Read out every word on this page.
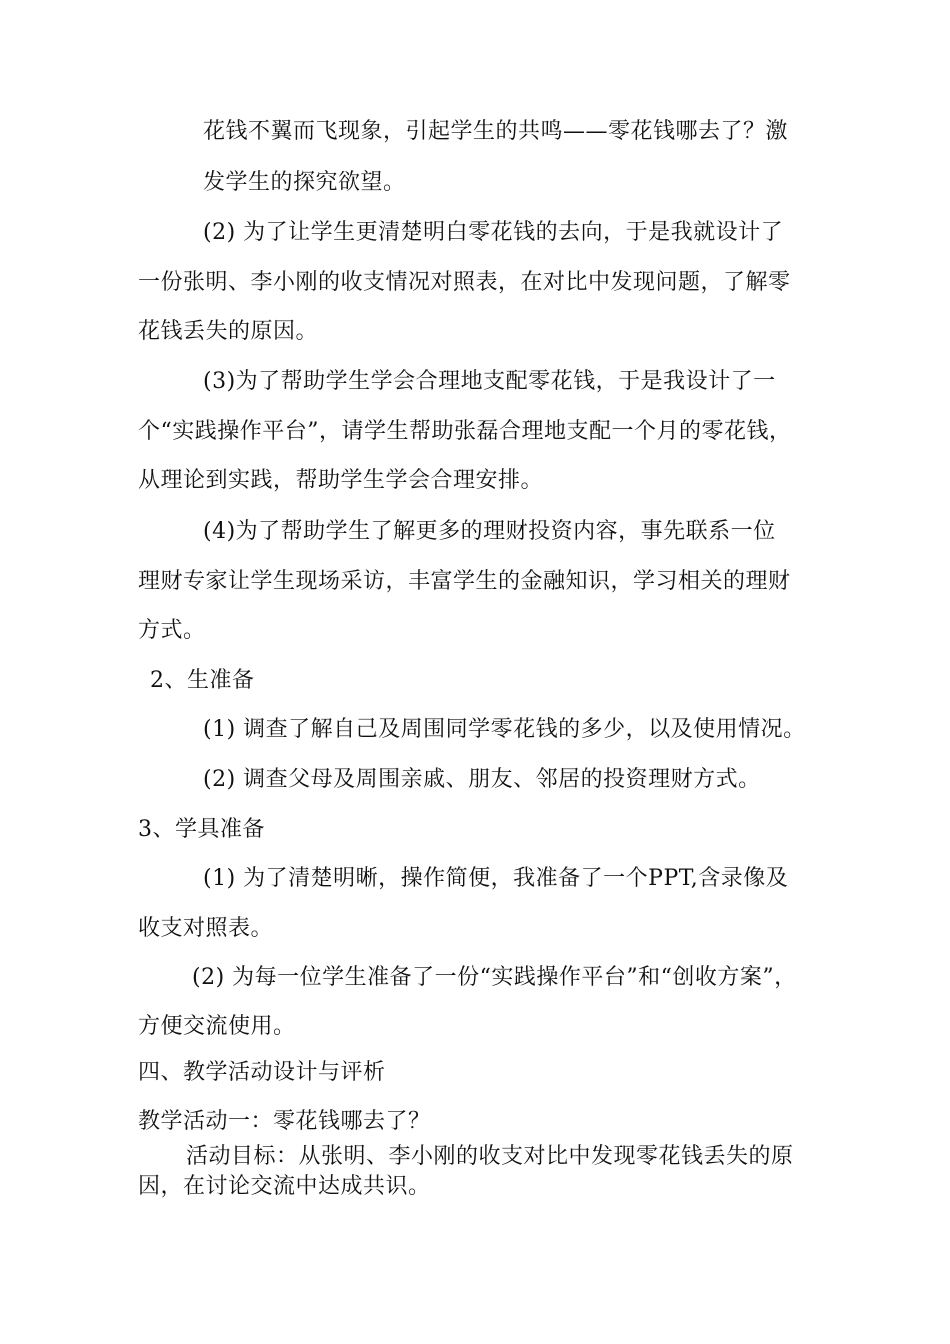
花钱不翼而飞现象，引起学生的共鸣——零花钱哪去了？激
发学生的探究欲望。
(2) 为了让学生更清楚明白零花钱的去向，于是我就设计了
一份张明、李小刚的收支情况对照表，在对比中发现问题，了解零
花钱丢失的原因。
(3)为了帮助学生学会合理地支配零花钱，于是我设计了一
个“实践操作平台”，请学生帮助张磊合理地支配一个月的零花钱，
从理论到实践，帮助学生学会合理安排。
(4)为了帮助学生了解更多的理财投资内容，事先联系一位
理财专家让学生现场采访，丰富学生的金融知识，学习相关的理财
方式。
2、生准备
(1) 调查了解自己及周围同学零花钱的多少，以及使用情况。
(2) 调查父母及周围亲戚、朋友、邻居的投资理财方式。
3、学具准备
(1) 为了清楚明晰，操作简便，我准备了一个PPT,含录像及
收支对照表。
(2) 为每一位学生准备了一份“实践操作平台”和“创收方案”，
方便交流使用。
四、教学活动设计与评析
教学活动一：零花钱哪去了？
活动目标：从张明、李小刚的收支对比中发现零花钱丢失的原
因，在讨论交流中达成共识。
